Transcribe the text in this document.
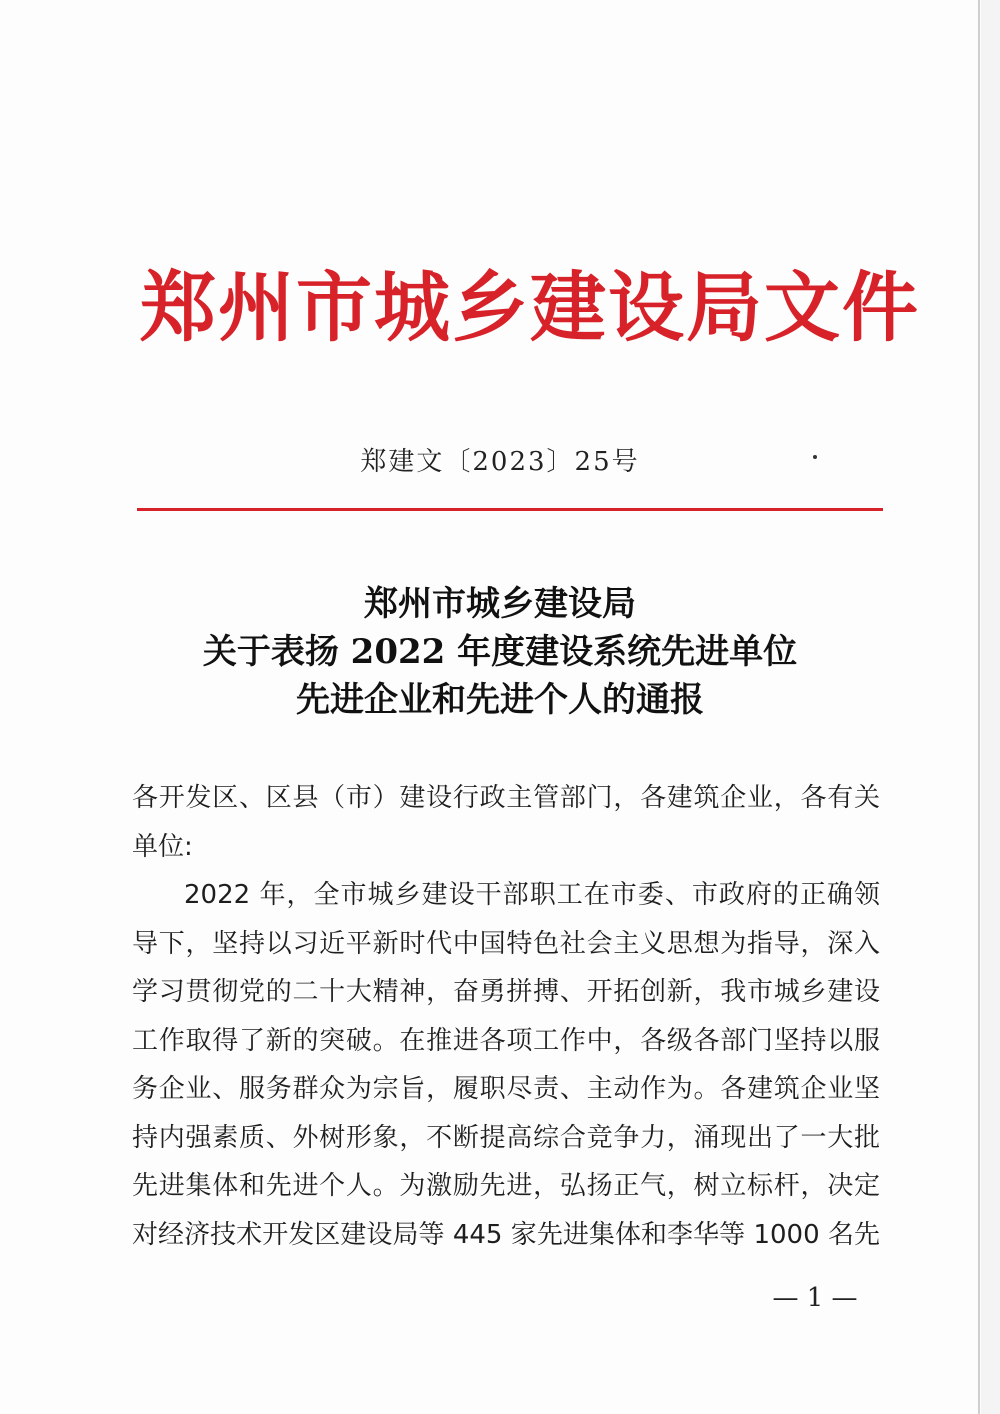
郑州市城乡建设局文件
郑建文〔2023〕25号
郑州市城乡建设局
关于表扬 2022 年度建设系统先进单位
先进企业和先进个人的通报
各开发区、区县（市）建设行政主管部门，各建筑企业，各有关
单位:
2022 年，全市城乡建设干部职工在市委、市政府的正确领
导下，坚持以习近平新时代中国特色社会主义思想为指导，深入
学习贯彻党的二十大精神，奋勇拼搏、开拓创新，我市城乡建设
工作取得了新的突破。在推进各项工作中，各级各部门坚持以服
务企业、服务群众为宗旨，履职尽责、主动作为。各建筑企业坚
持内强素质、外树形象，不断提高综合竞争力，涌现出了一大批
先进集体和先进个人。为激励先进，弘扬正气，树立标杆，决定
对经济技术开发区建设局等 445 家先进集体和李华等 1000 名先
— 1 —
